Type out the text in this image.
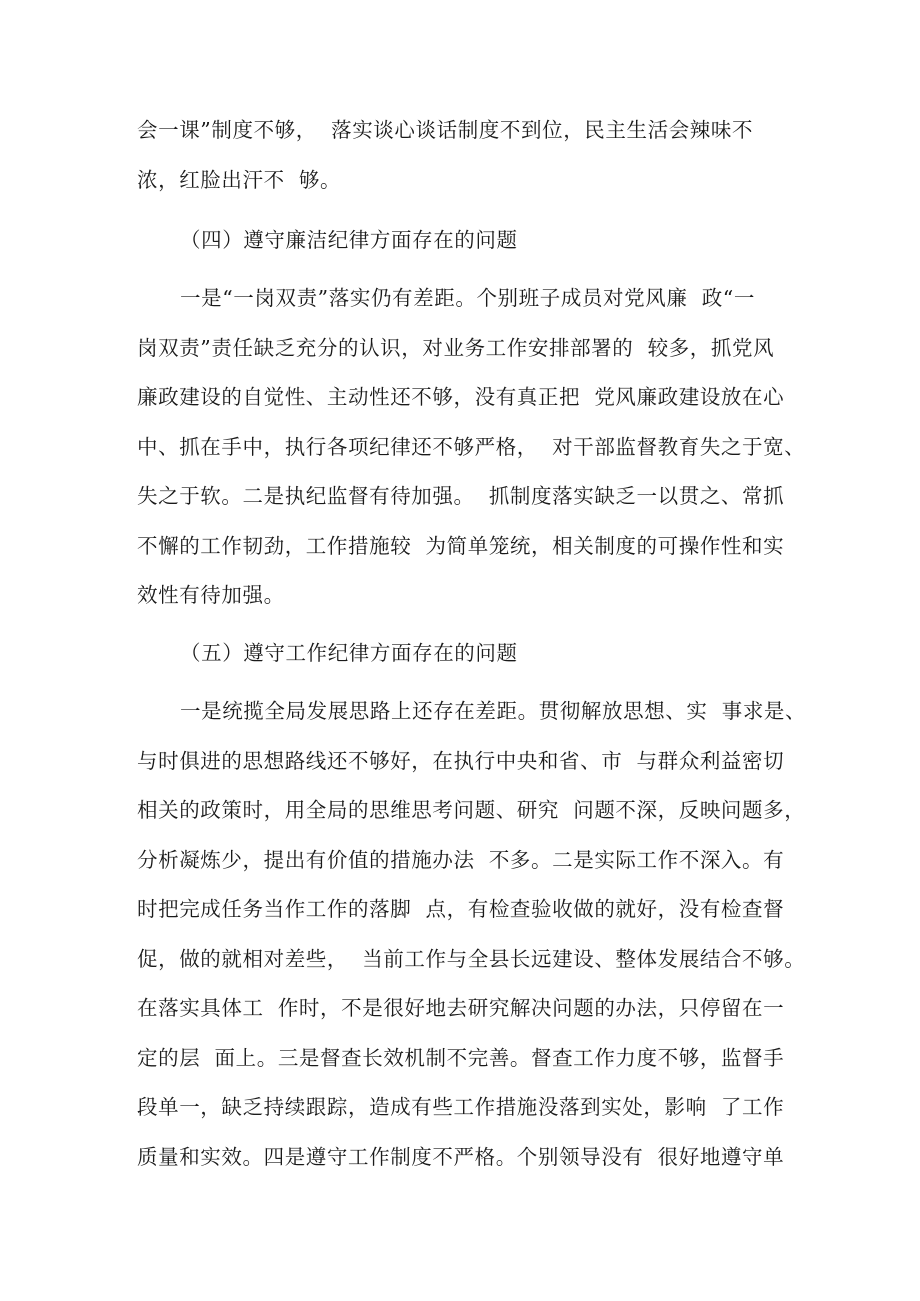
会一课”制度不够，  落实谈心谈话制度不到位，民主生活会辣味不

浓，红脸出汗不  够。

（四）遵守廉洁纪律方面存在的问题

一是“一岗双责”落实仍有差距。个别班子成员对党风廉  政“一

岗双责”责任缺乏充分的认识，对业务工作安排部署的  较多，抓党风

廉政建设的自觉性、主动性还不够，没有真正把  党风廉政建设放在心

中、抓在手中，执行各项纪律还不够严格，  对干部监督教育失之于宽、

失之于软。二是执纪监督有待加强。  抓制度落实缺乏一以贯之、常抓

不懈的工作韧劲，工作措施较  为简单笼统，相关制度的可操作性和实

效性有待加强。

（五）遵守工作纪律方面存在的问题

一是统揽全局发展思路上还存在差距。贯彻解放思想、实  事求是、

与时俱进的思想路线还不够好，在执行中央和省、市  与群众利益密切

相关的政策时，用全局的思维思考问题、研究  问题不深，反映问题多，

分析凝炼少，提出有价值的措施办法  不多。二是实际工作不深入。有

时把完成任务当作工作的落脚  点，有检查验收做的就好，没有检查督

促，做的就相对差些，  当前工作与全县长远建设、整体发展结合不够。

在落实具体工  作时，不是很好地去研究解决问题的办法，只停留在一

定的层  面上。三是督查长效机制不完善。督查工作力度不够，监督手

段单一，缺乏持续跟踪，造成有些工作措施没落到实处，影响  了工作

质量和实效。四是遵守工作制度不严格。个别领导没有  很好地遵守单
